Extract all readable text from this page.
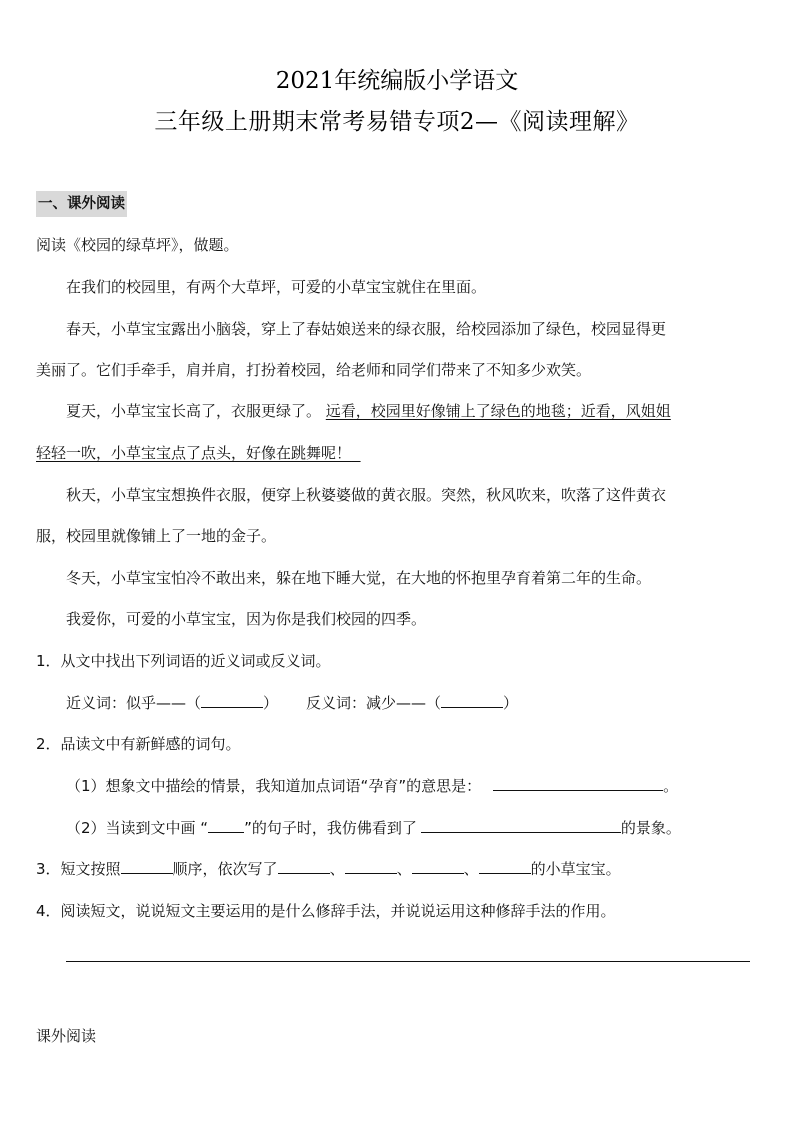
2021年统编版小学语文
三年级上册期末常考易错专项2—《阅读理解》
一、课外阅读
阅读《校园的绿草坪》，做题。
在我们的校园里，有两个大草坪，可爱的小草宝宝就住在里面。
春天，小草宝宝露出小脑袋，穿上了春姑娘送来的绿衣服，给校园添加了绿色，校园显得更
美丽了。它们手牵手，肩并肩，打扮着校园，给老师和同学们带来了不知多少欢笑。
夏天，小草宝宝长高了，衣服更绿了。 远看，校园里好像铺上了绿色的地毯；近看，风姐姐
轻轻一吹，小草宝宝点了点头，好像在跳舞呢！
秋天，小草宝宝想换件衣服，便穿上秋婆婆做的黄衣服。突然，秋风吹来，吹落了这件黄衣
服，校园里就像铺上了一地的金子。
冬天，小草宝宝怕冷不敢出来，躲在地下睡大觉，在大地的怀抱里孕育着第二年的生命。
我爱你，可爱的小草宝宝，因为你是我们校园的四季。
1．从文中找出下列词语的近义词或反义词。
近义词：似乎——（	） 反义词：减少——（	）
2．品读文中有新鲜感的词句。
（1）想象文中描绘的情景，我知道加点词语“孕育”的意思是：	。
（2）当读到文中画 “ ”的句子时，我仿佛看到了	的景象。
3．短文按照	顺序，依次写了	、	、	、	的小草宝宝。
4．阅读短文，说说短文主要运用的是什么修辞手法，并说说运用这种修辞手法的作用。
课外阅读
